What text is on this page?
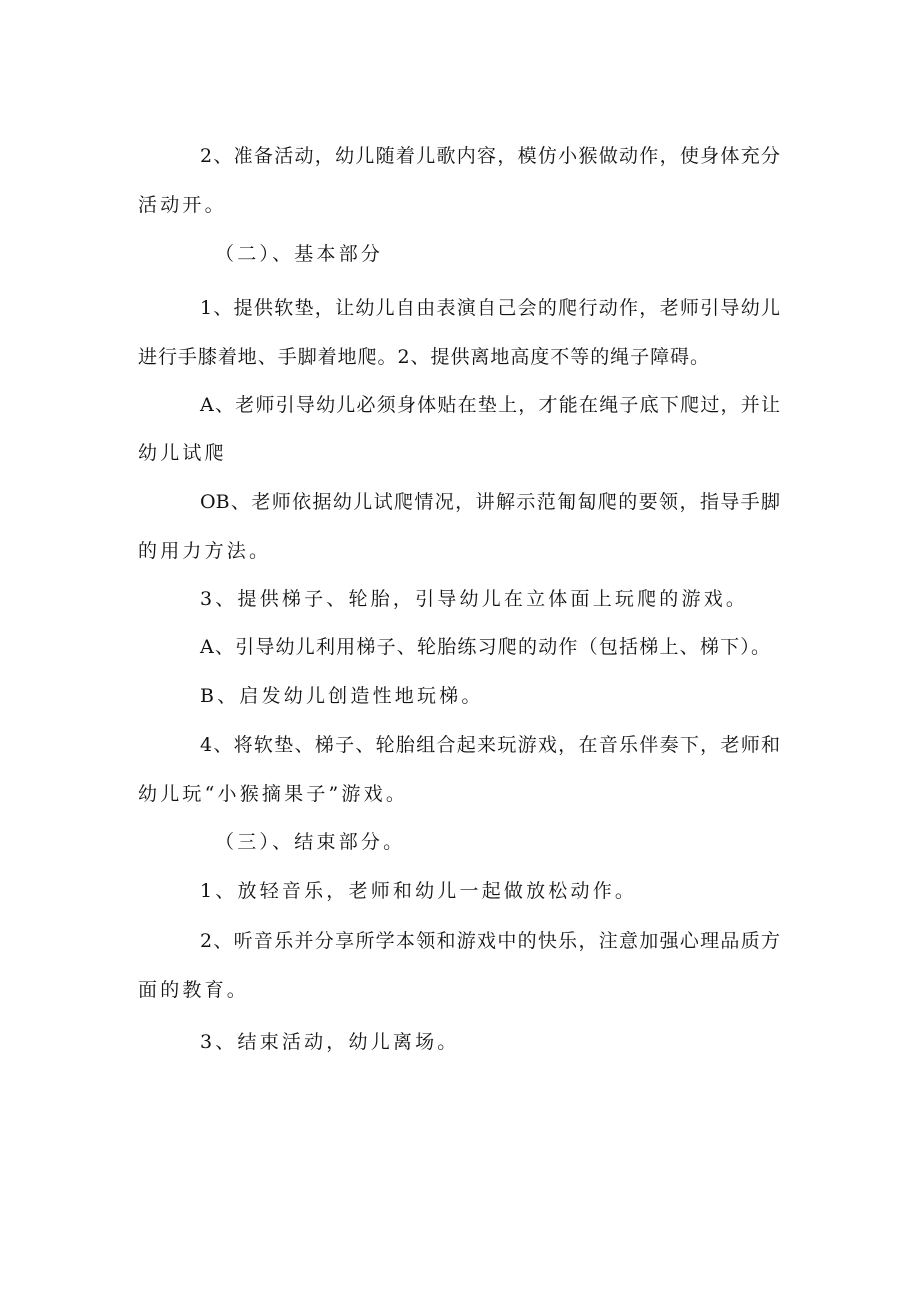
2、准备活动，幼儿随着儿歌内容，模仿小猴做动作，使身体充分
活动开。
（二）、基本部分
1、提供软垫，让幼儿自由表演自己会的爬行动作，老师引导幼儿
进行手膝着地、手脚着地爬。2、提供离地高度不等的绳子障碍。
A、老师引导幼儿必须身体贴在垫上，才能在绳子底下爬过，并让
幼儿试爬
OB、老师依据幼儿试爬情况，讲解示范匍匐爬的要领，指导手脚
的用力方法。
3、提供梯子、轮胎，引导幼儿在立体面上玩爬的游戏。
A、引导幼儿利用梯子、轮胎练习爬的动作（包括梯上、梯下）。
B、启发幼儿创造性地玩梯。
4、将软垫、梯子、轮胎组合起来玩游戏，在音乐伴奏下，老师和
幼儿玩“小猴摘果子”游戏。
（三）、结束部分。
1、放轻音乐，老师和幼儿一起做放松动作。
2、听音乐并分享所学本领和游戏中的快乐，注意加强心理品质方
面的教育。
3、结束活动，幼儿离场。
